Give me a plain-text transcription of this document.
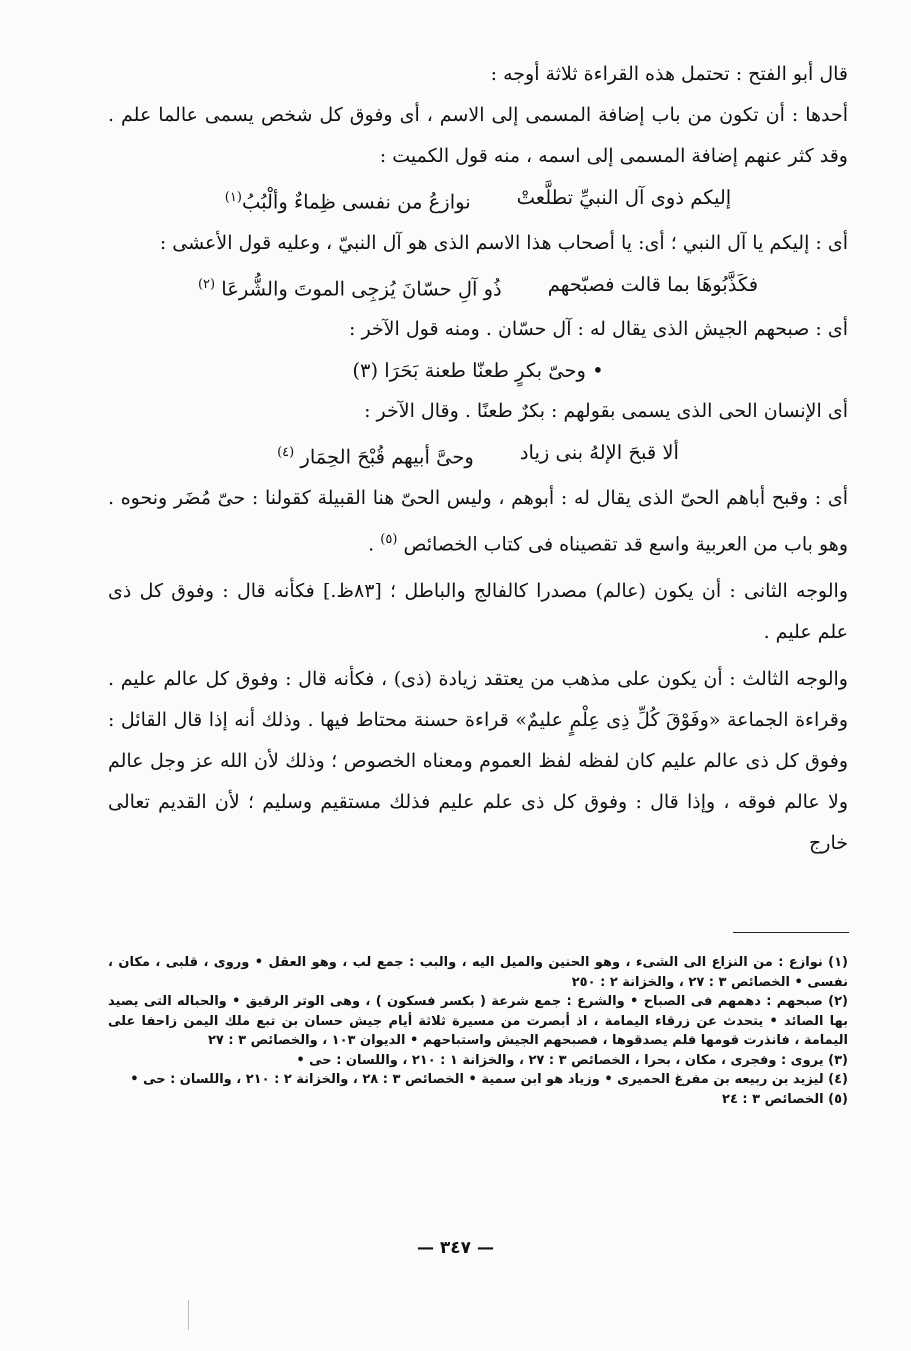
قال أبو الفتح : تحتمل هذه القراءة ثلاثة أوجه :

أحدها : أن تكون من باب إضافة المسمى إلى الاسم ، أى وفوق كل شخص يسمى عالما علم . وقد كثر عنهم إضافة المسمى إلى اسمه ، منه قول الكميت :

إليكم ذوى آل النبيِّ تطلَّعتْ
نوازعُ من نفسى ظِماءٌ وألْبُبُ$^{(١)}$

أى : إليكم يا آل النبي ؛ أى: يا أصحاب هذا الاسم الذى هو آل النبيّ ، وعليه قول الأعشى :

فكَذَّبُوهَا بما قالت فصبّحهم
ذُو آلِ حسّانَ يُزجِى الموتَ والشُّرعَا $^{(٢)}$

أى : صبحهم الجيش الذى يقال له : آل حسّان . ومنه قول الآخر :

• وحىّ بكرٍ طعنّا طعنة بَحَرَا (٣)

أى الإنسان الحى الذى يسمى بقولهم : بكرٌ طعنًا . وقال الآخر :

ألا قبحَ الإلهُ بنى زياد
وحىَّ أبيهم قُبْحَ الحِمَار $^{(٤)}$

أى : وقبح أباهم الحىّ الذى يقال له : أبوهم ، وليس الحىّ هنا القبيلة كقولنا : حىّ مُضَر ونحوه . وهو باب من العربية واسع قد تقصيناه فى كتاب الخصائص $^{(٥)}$ .

والوجه الثانى : أن يكون (عالم) مصدرا كالفالج والباطل ؛ [٨٣ظ.] فكأنه قال : وفوق كل ذى علم عليم .

والوجه الثالث : أن يكون على مذهب من يعتقد زيادة (ذى) ، فكأنه قال : وفوق كل عالم عليم . وقراءة الجماعة «وفَوْقَ كُلِّ ذِى عِلْمٍ عليمٌ» قراءة حسنة محتاط فيها . وذلك أنه إذا قال القائل : وفوق كل ذى عالم عليم كان لفظه لفظ العموم ومعناه الخصوص ؛ وذلك لأن الله عز وجل عالم ولا عالم فوقه ، وإذا قال : وفوق كل ذى علم عليم فذلك مستقيم وسليم ؛ لأن القديم تعالى خارج

(١) نوازع : من النزاع الى الشىء ، وهو الحنين والميل اليه ، والبب : جمع لب ، وهو العقل • وروى ، قلبى ، مكان ، نفسى • الخصائص ٣ : ٢٧ ، والخزانة ٢ : ٢٥٠

(٢) صبحهم : دهمهم فى الصباح • والشرع : جمع شرعة ( بكسر فسكون ) ، وهى الوتر الرقيق • والحباله التى يصيد بها الصائد • يتحدث عن زرقاء اليمامة ، اذ أبصرت من مسيرة ثلاثة أيام جيش حسان بن تبع ملك اليمن زاحفا على اليمامة ، فانذرت قومها فلم يصدقوها ، فصبحهم الجيش واستباحهم • الديوان ١٠٣ ، والخصائص ٣ : ٢٧

(٣) يروى : وفجرى ، مكان ، بحرا ، الخصائص ٣ : ٢٧ ، والخزانة ١ : ٢١٠ ، واللسان : حى •

(٤) ليزيد بن ربيعه بن مفرغ الحميرى • وزياد هو ابن سمية • الخصائص ٣ : ٢٨ ، والخزانة ٢ : ٢١٠ ، واللسان : حى •

(٥) الخصائص ٣ : ٢٤

— ٣٤٧ —
